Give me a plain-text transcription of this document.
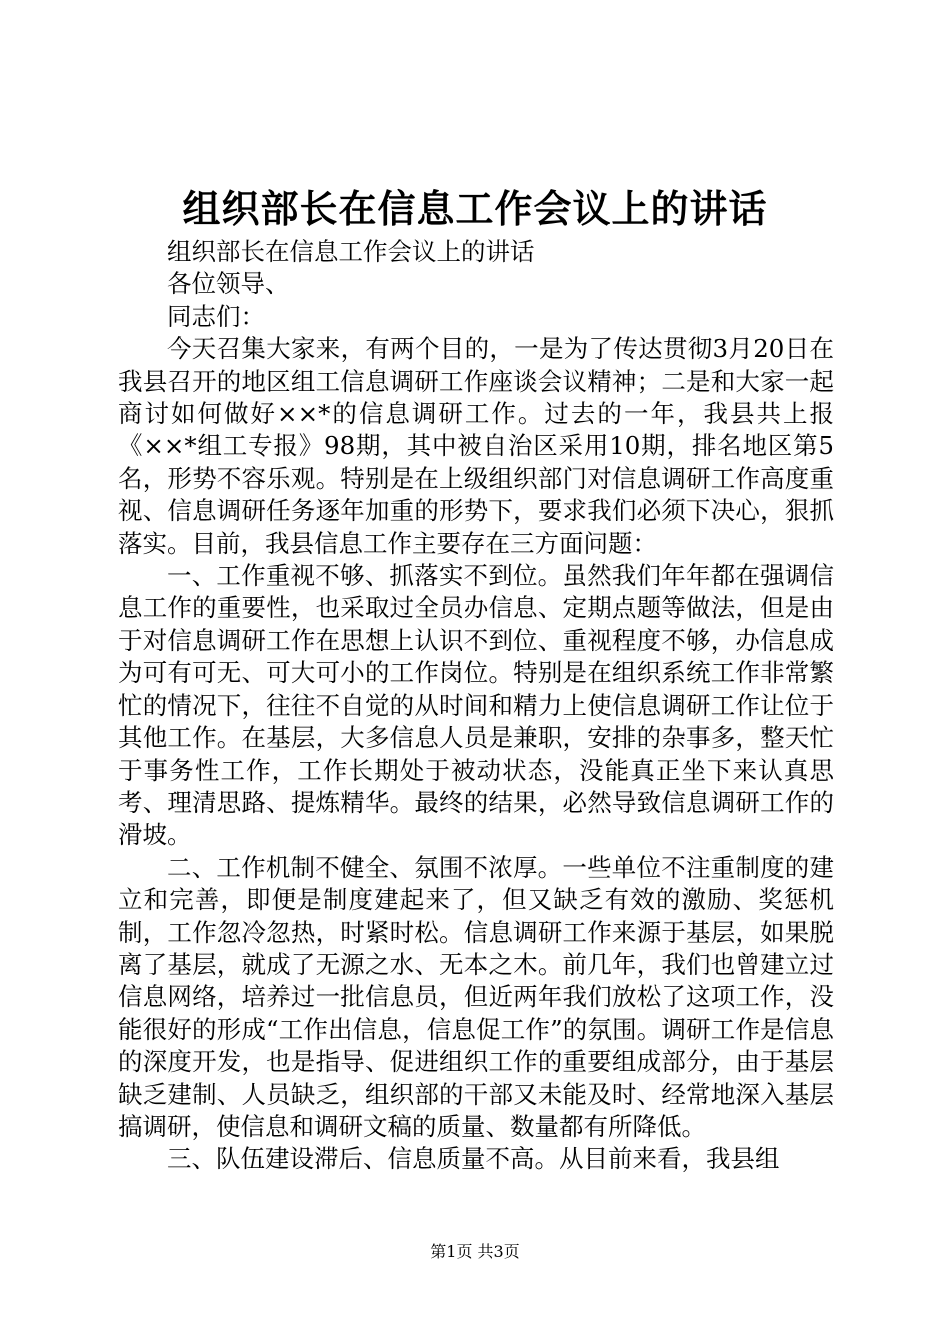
组织部长在信息工作会议上的讲话

组织部长在信息工作会议上的讲话

各位领导、

同志们：

今天召集大家来，有两个目的，一是为了传达贯彻3月20日在我县召开的地区组工信息调研工作座谈会议精神；二是和大家一起商讨如何做好××*的信息调研工作。过去的一年，我县共上报《××*组工专报》98期，其中被自治区采用10期，排名地区第5名，形势不容乐观。特别是在上级组织部门对信息调研工作高度重视、信息调研任务逐年加重的形势下，要求我们必须下决心，狠抓落实。目前，我县信息工作主要存在三方面问题：

一、工作重视不够、抓落实不到位。虽然我们年年都在强调信息工作的重要性，也采取过全员办信息、定期点题等做法，但是由于对信息调研工作在思想上认识不到位、重视程度不够，办信息成为可有可无、可大可小的工作岗位。特别是在组织系统工作非常繁忙的情况下，往往不自觉的从时间和精力上使信息调研工作让位于其他工作。在基层，大多信息人员是兼职，安排的杂事多，整天忙于事务性工作，工作长期处于被动状态，没能真正坐下来认真思考、理清思路、提炼精华。最终的结果，必然导致信息调研工作的滑坡。

二、工作机制不健全、氛围不浓厚。一些单位不注重制度的建立和完善，即便是制度建起来了，但又缺乏有效的激励、奖惩机制，工作忽冷忽热，时紧时松。信息调研工作来源于基层，如果脱离了基层，就成了无源之水、无本之木。前几年，我们也曾建立过信息网络，培养过一批信息员，但近两年我们放松了这项工作，没能很好的形成“工作出信息，信息促工作”的氛围。调研工作是信息的深度开发，也是指导、促进组织工作的重要组成部分，由于基层缺乏建制、人员缺乏，组织部的干部又未能及时、经常地深入基层搞调研，使信息和调研文稿的质量、数量都有所降低。

三、队伍建设滞后、信息质量不高。从目前来看，我县组

第1页 共3页
